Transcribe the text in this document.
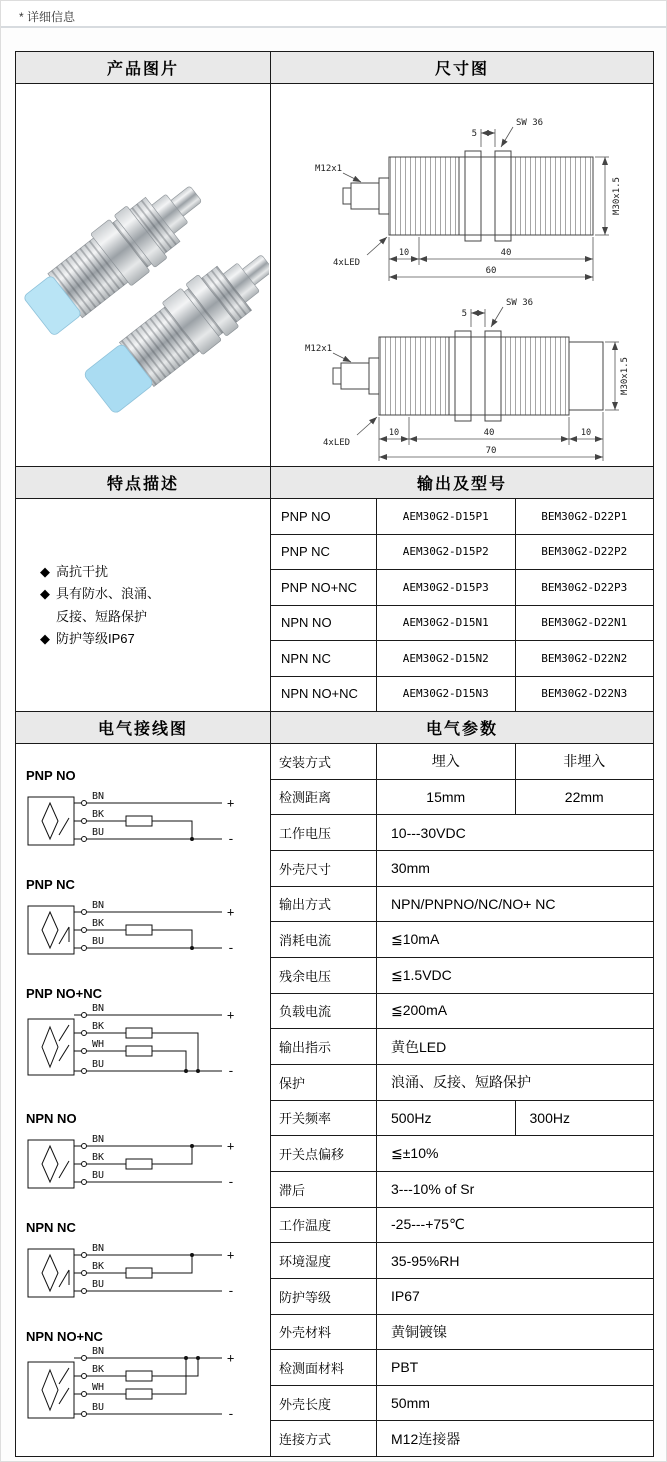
* 详细信息
产品图片	尺寸图
5
SW 36
M12x1
4xLED
10	40
60
M30x1.5
5
SW 36
M12x1
4xLED
10	40	10
70
M30x1.5
特点描述	输出及型号
◆ 高抗干扰
◆ 具有防水、浪涌、
反接、短路保护
◆ 防护等级IP67
PNP NO	AEM30G2-D15P1	BEM30G2-D22P1
PNP NC	AEM30G2-D15P2	BEM30G2-D22P2
PNP NO+NC	AEM30G2-D15P3	BEM30G2-D22P3
NPN NO	AEM30G2-D15N1	BEM30G2-D22N1
NPN NC	AEM30G2-D15N2	BEM30G2-D22N2
NPN NO+NC	AEM30G2-D15N3	BEM30G2-D22N3
电气接线图	电气参数
PNP NO
BN
BK
BU
+
-
PNP NC
BN
BK
BU
+
-
PNP NO+NC
BN
BK
WH
BU
+
-
NPN NO
BN
BK
BU
+
-
NPN NC
BN
BK
BU
+
-
NPN NO+NC
BN
BK
WH
BU
+
-
安装方式	埋入	非埋入
检测距离	15mm	22mm
工作电压	10---30VDC
外壳尺寸	30mm
输出方式	NPN/PNPNO/NC/NO+ NC
消耗电流	≦10mA
残余电压	≦1.5VDC
负载电流	≦200mA
输出指示	黄色LED
保护	浪涌、反接、短路保护
开关频率	500Hz	300Hz
开关点偏移	≦±10%
滞后	3---10% of Sr
工作温度	-25---+75℃
环境湿度	35-95%RH
防护等级	IP67
外壳材料	黄铜镀镍
检测面材料	PBT
外壳长度	50mm
连接方式	M12连接器
